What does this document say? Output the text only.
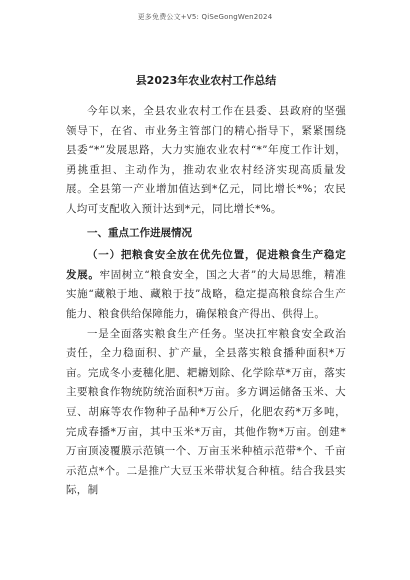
更多免费公文+V5: QiSeGongWen2024
县2023年农业农村工作总结

今年以来，全县农业农村工作在县委、县政府的坚强领导下，在省、市业务主管部门的精心指导下，紧紧围绕县委“*”发展思路，大力实施农业农村“*”年度工作计划，勇挑重担、主动作为，推动农业农村经济实现高质量发展。全县第一产业增加值达到*亿元，同比增长*%；农民人均可支配收入预计达到*元，同比增长*%。

一、重点工作进展情况

（一）把粮食安全放在优先位置，促进粮食生产稳定发展。牢固树立“粮食安全，国之大者”的大局思维，精准实施“藏粮于地、藏粮于技”战略，稳定提高粮食综合生产能力、粮食供给保障能力，确保粮食产得出、供得上。

一是全面落实粮食生产任务。坚决扛牢粮食安全政治责任，全力稳面积、扩产量，全县落实粮食播种面积*万亩。完成冬小麦穗化肥、耙耱划除、化学除草*万亩，落实主要粮食作物统防统治面积*万亩。多方调运储备玉米、大豆、胡麻等农作物种子品种*万公斤，化肥农药*万多吨，完成春播*万亩，其中玉米*万亩，其他作物*万亩。创建*万亩顶凌覆膜示范镇一个、万亩玉米种植示范带*个、千亩示范点*个。二是推广大豆玉米带状复合种植。结合我县实际，制
